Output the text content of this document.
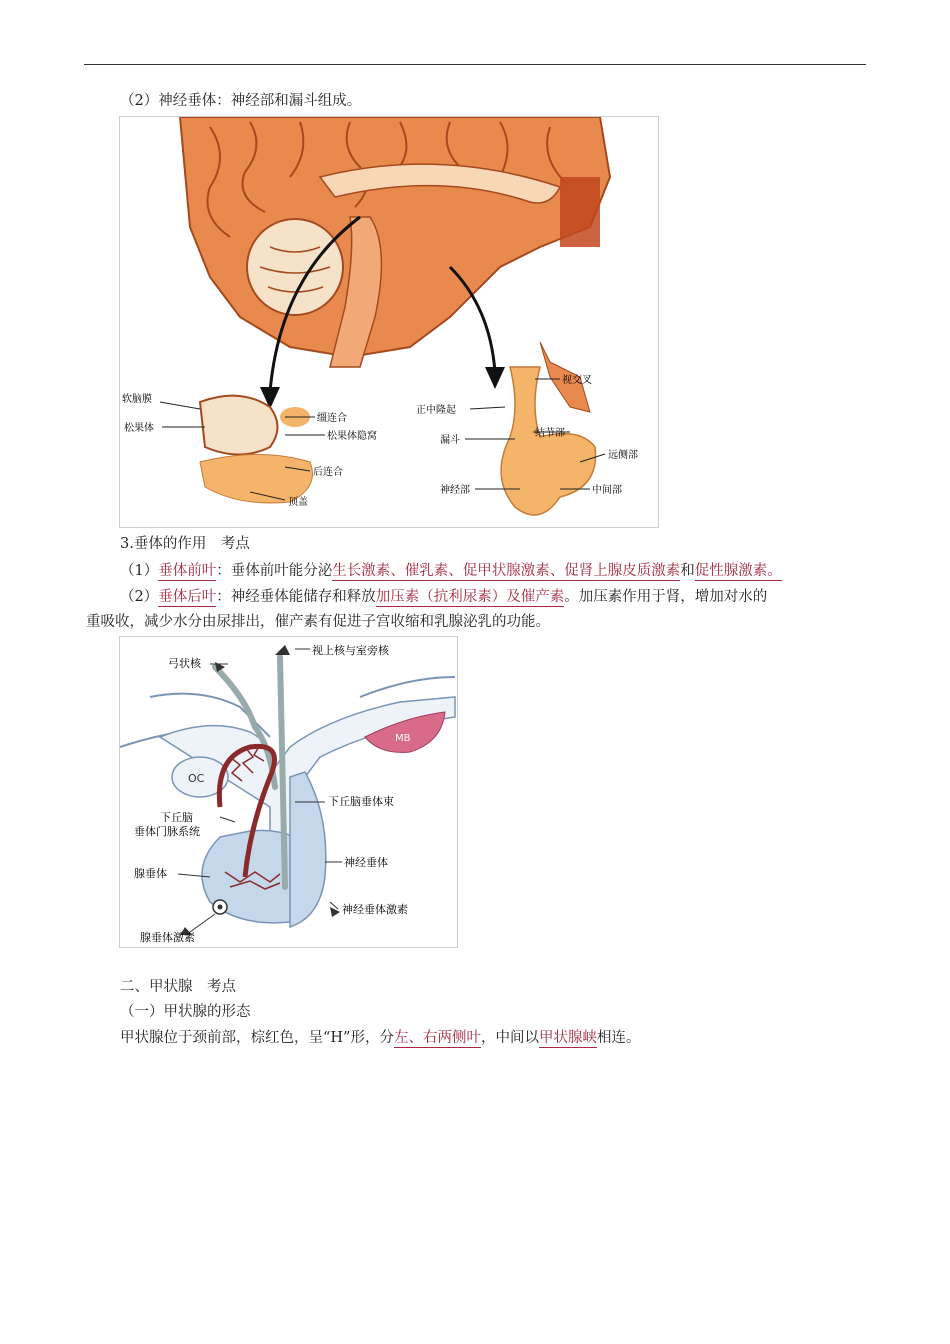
（2）神经垂体：神经部和漏斗组成。
软脑膜
松果体
缰连合
松果体隐窝
后连合
顶盖
视交叉
正中隆起
漏斗
结节部
远侧部
神经部	中间部
3.垂体的作用　考点
（1）垂体前叶：垂体前叶能分泌生长激素、催乳素、促甲状腺激素、促肾上腺皮质激素和促性腺激素。
（2）垂体后叶：神经垂体能储存和释放加压素（抗利尿素）及催产素。加压素作用于肾，增加对水的
重吸收，减少水分由尿排出，催产素有促进子宫收缩和乳腺泌乳的功能。
MB
OC
弓状核
视上核与室旁核
下丘脑垂体束
下丘脑
垂体门脉系统
腺垂体
神经垂体
神经垂体激素
腺垂体激素
二、甲状腺　考点
（一）甲状腺的形态
甲状腺位于颈前部，棕红色，呈“H”形，分左、右两侧叶，中间以甲状腺峡相连。
